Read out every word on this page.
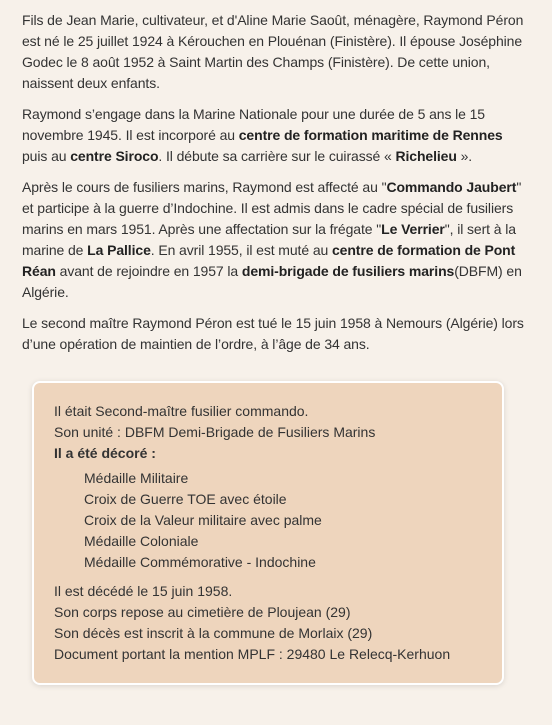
Fils de Jean Marie, cultivateur, et d'Aline Marie Saoût, ménagère, Raymond Péron est né le 25 juillet 1924 à Kérouchen en Plouénan (Finistère). Il épouse Joséphine Godec le 8 août 1952 à Saint Martin des Champs (Finistère). De cette union, naissent deux enfants.

Raymond s’engage dans la Marine Nationale pour une durée de 5 ans le 15 novembre 1945. Il est incorporé au centre de formation maritime de Rennes puis au centre Siroco. Il débute sa carrière sur le cuirassé « Richelieu ».

Après le cours de fusiliers marins, Raymond est affecté au "Commando Jaubert" et participe à la guerre d’Indochine. Il est admis dans le cadre spécial de fusiliers marins en mars 1951. Après une affectation sur la frégate "Le Verrier", il sert à la marine de La Pallice. En avril 1955, il est muté au centre de formation de Pont Réan avant de rejoindre en 1957 la demi-brigade de fusiliers marins(DBFM) en Algérie.

Le second maître Raymond Péron est tué le 15 juin 1958 à Nemours (Algérie) lors d’une opération de maintien de l’ordre, à l’âge de 34 ans.

Il était Second-maître fusilier commando.
Son unité : DBFM Demi-Brigade de Fusiliers Marins
Il a été décoré :
Médaille Militaire
Croix de Guerre TOE avec étoile
Croix de la Valeur militaire avec palme
Médaille Coloniale
Médaille Commémorative - Indochine
Il est décédé le 15 juin 1958.
Son corps repose au cimetière de Ploujean (29)
Son décès est inscrit à la commune de Morlaix (29)
Document portant la mention MPLF : 29480 Le Relecq-Kerhuon
